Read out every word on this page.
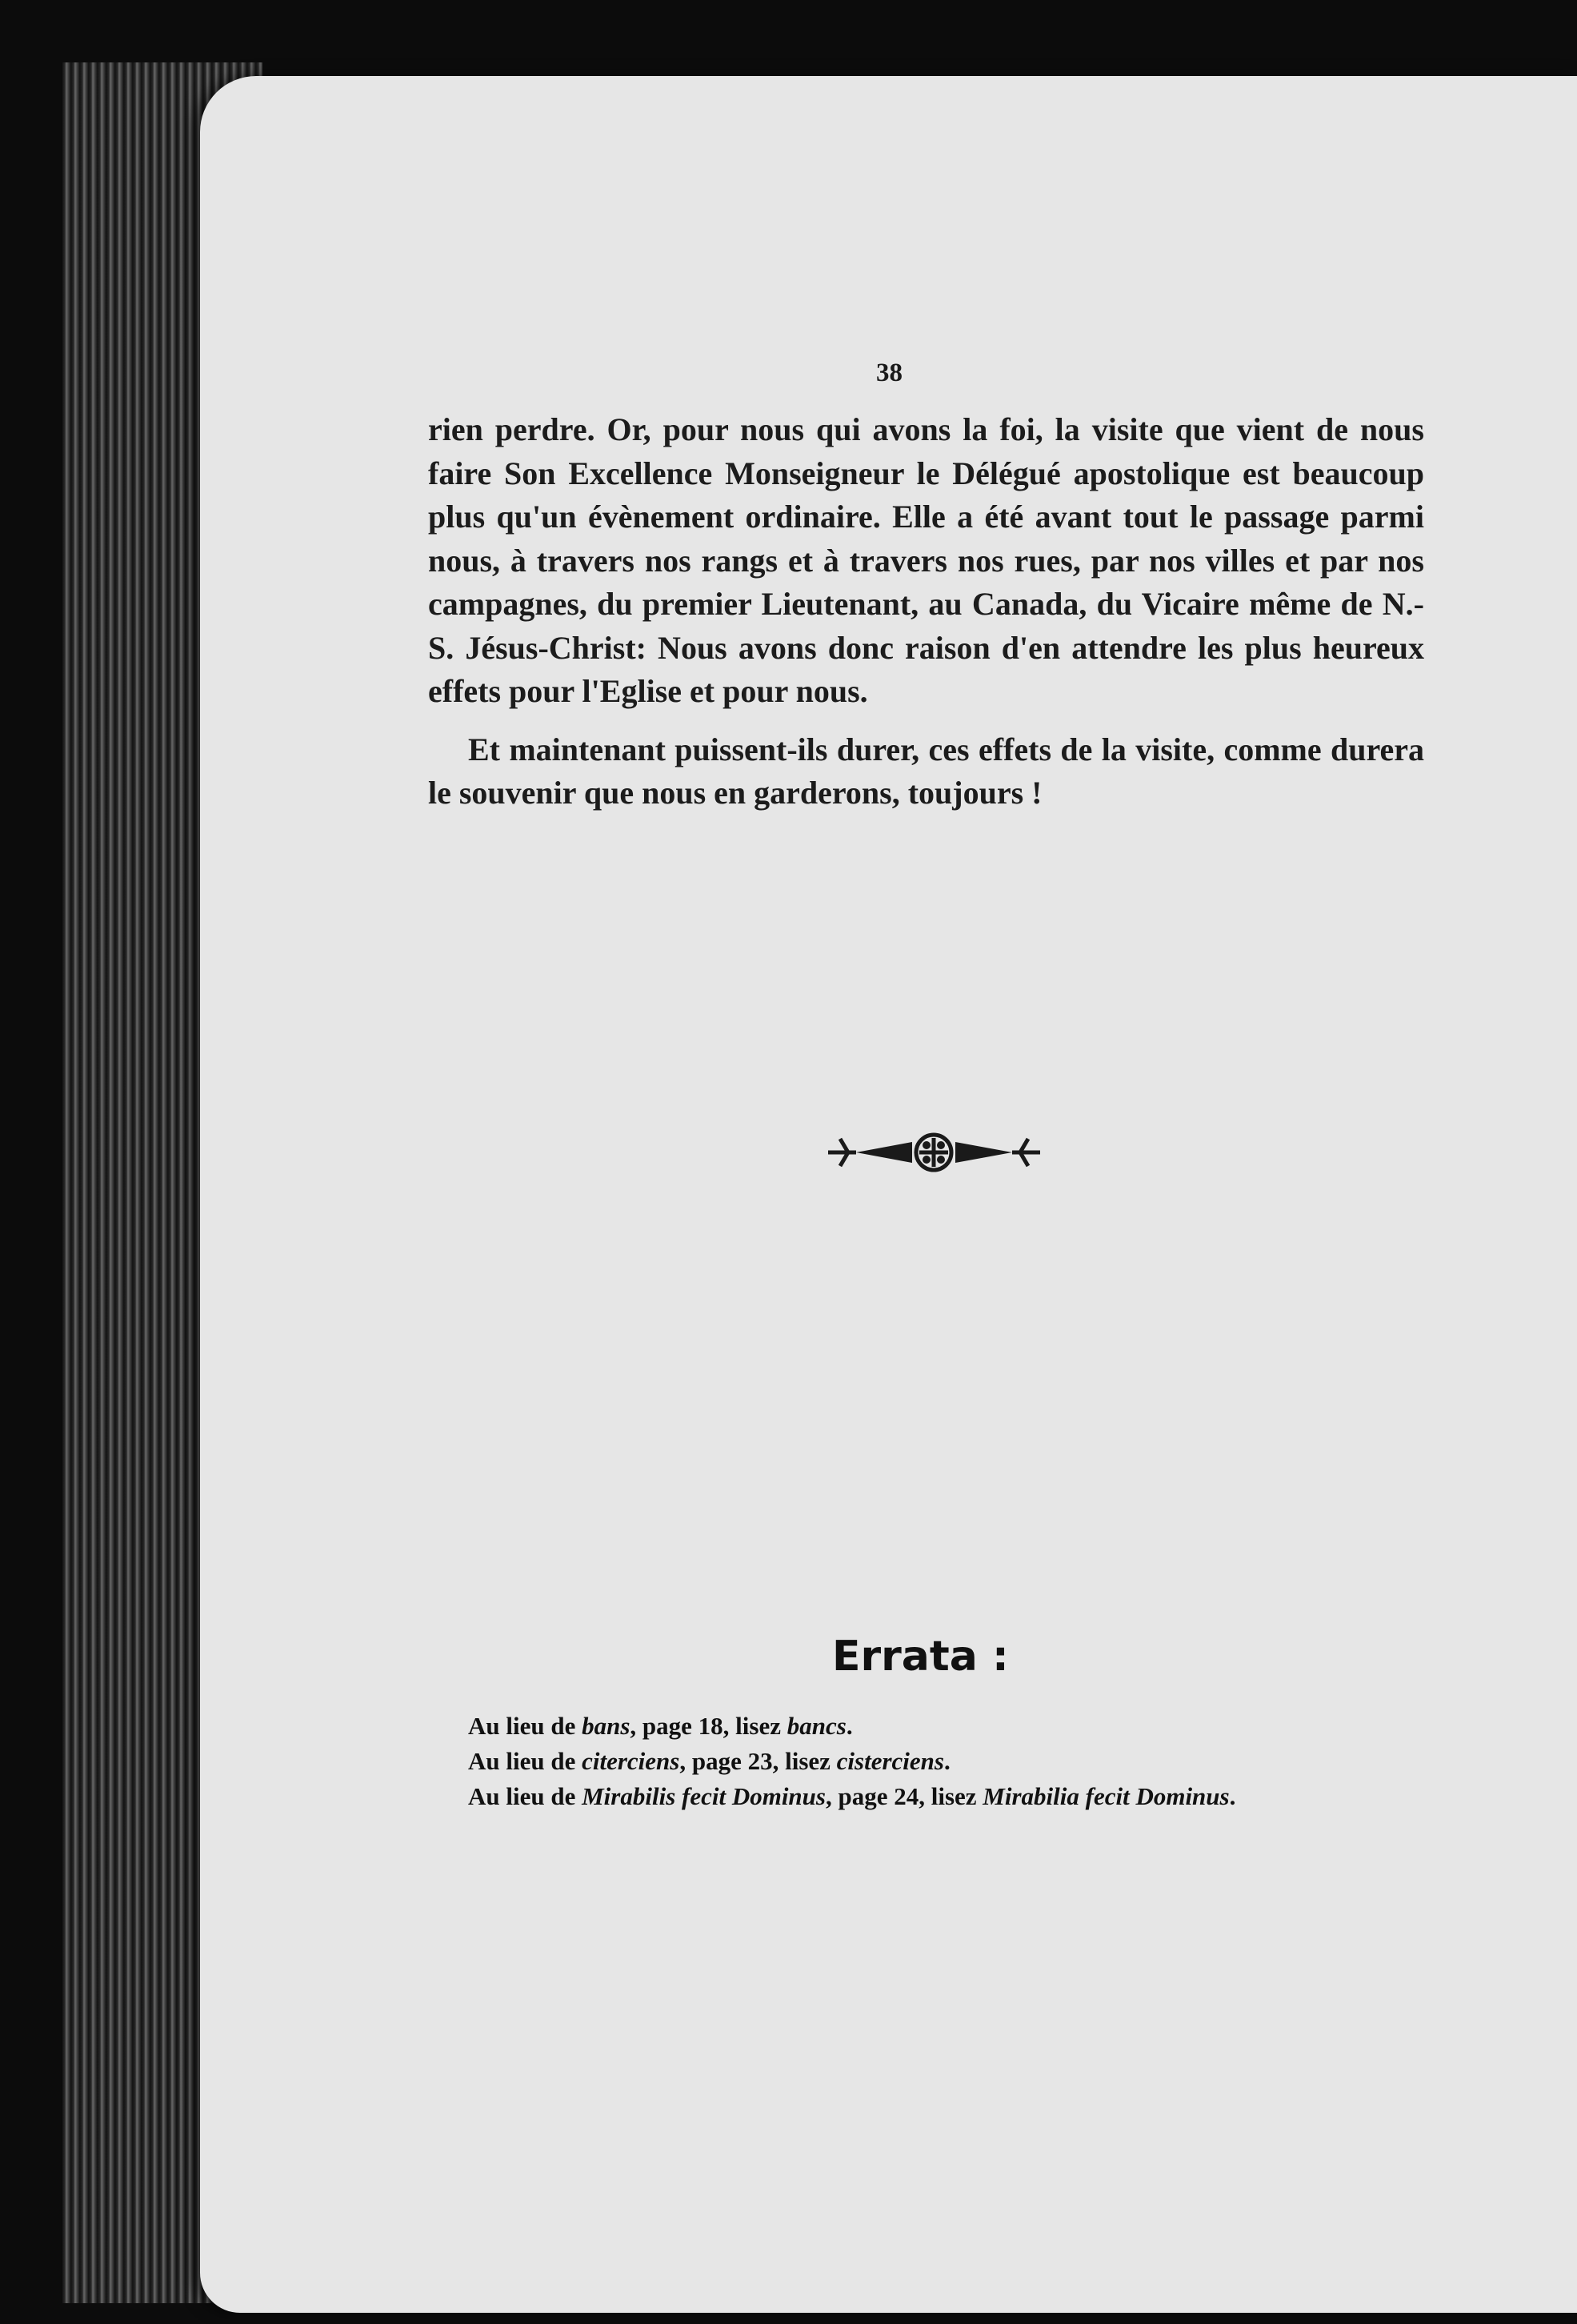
38

rien perdre. Or, pour nous qui avons la foi, la visite que vient de nous faire Son Excellence Monseigneur le Délégué apostolique est beaucoup plus qu'un évènement ordinaire. Elle a été avant tout le passage parmi nous, à travers nos rangs et à travers nos rues, par nos villes et par nos campagnes, du premier Lieutenant, au Canada, du Vicaire même de N.-S. Jésus-Christ: Nous avons donc raison d'en attendre les plus heureux effets pour l'Eglise et pour nous.

Et maintenant puissent-ils durer, ces effets de la visite, comme durera le souvenir que nous en garderons, toujours !

Errata :
Au lieu de bans, page 18, lisez bancs.
Au lieu de citerciens, page 23, lisez cisterciens.
Au lieu de Mirabilis fecit Dominus, page 24, lisez Mirabilia fecit Dominus.
